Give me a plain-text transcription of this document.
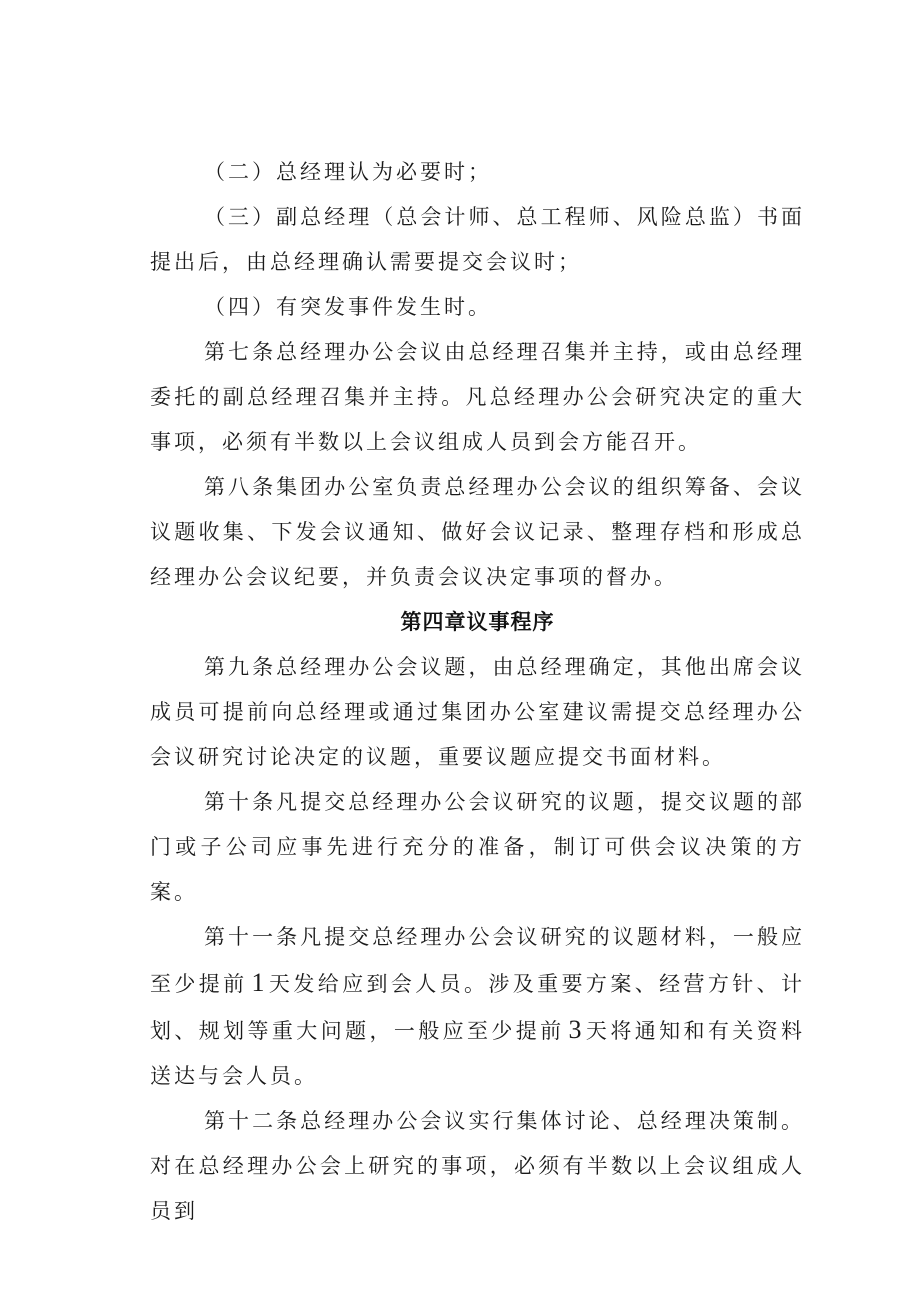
（二）总经理认为必要时；

（三）副总经理（总会计师、总工程师、风险总监）书面提出后，由总经理确认需要提交会议时；

（四）有突发事件发生时。

第七条总经理办公会议由总经理召集并主持，或由总经理委托的副总经理召集并主持。凡总经理办公会研究决定的重大事项，必须有半数以上会议组成人员到会方能召开。

第八条集团办公室负责总经理办公会议的组织筹备、会议议题收集、下发会议通知、做好会议记录、整理存档和形成总经理办公会议纪要，并负责会议决定事项的督办。

第四章议事程序

第九条总经理办公会议题，由总经理确定，其他出席会议成员可提前向总经理或通过集团办公室建议需提交总经理办公会议研究讨论决定的议题，重要议题应提交书面材料。

第十条凡提交总经理办公会议研究的议题，提交议题的部门或子公司应事先进行充分的准备，制订可供会议决策的方案。

第十一条凡提交总经理办公会议研究的议题材料，一般应至少提前 1 天发给应到会人员。涉及重要方案、经营方针、计划、规划等重大问题，一般应至少提前 3 天将通知和有关资料送达与会人员。

第十二条总经理办公会议实行集体讨论、总经理决策制。对在总经理办公会上研究的事项，必须有半数以上会议组成人员到
